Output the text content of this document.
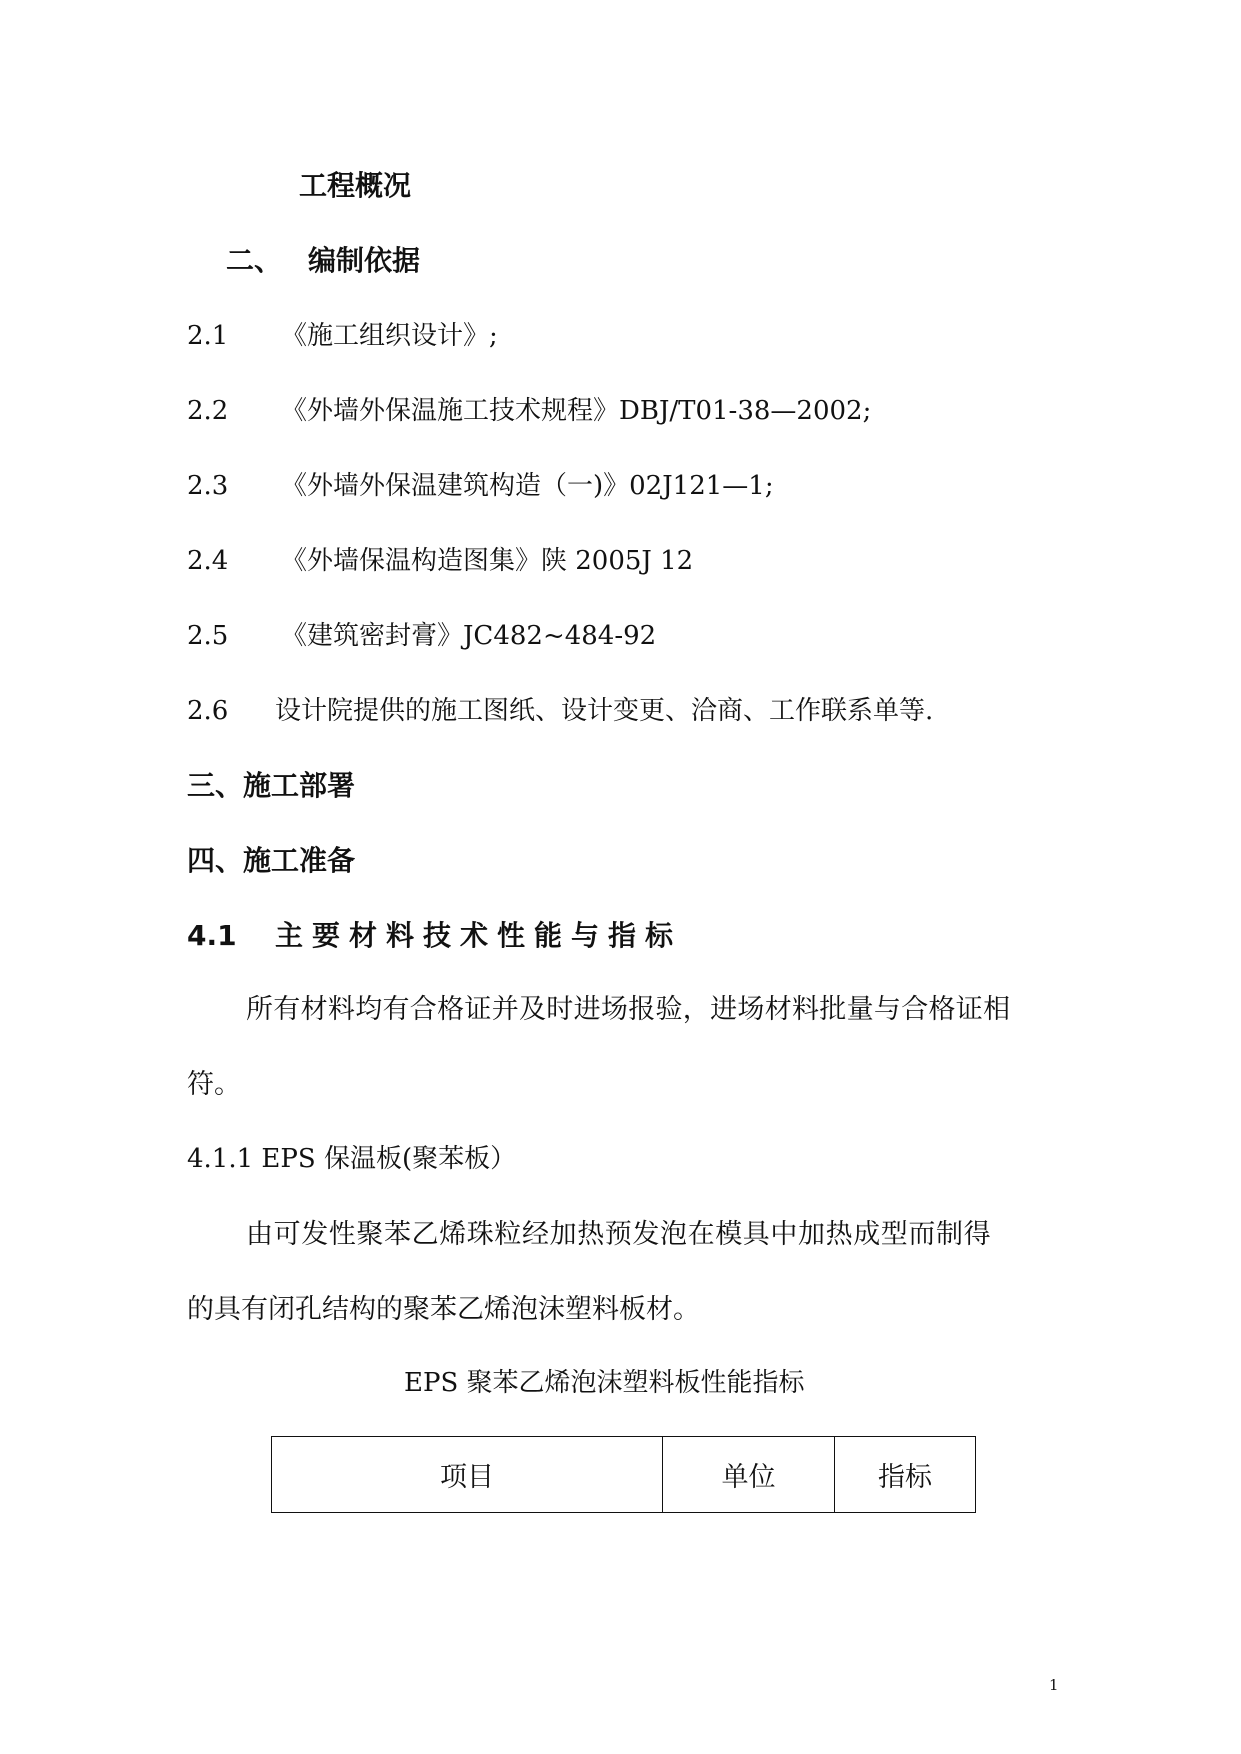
工程概况
二、 编制依据
2.1 《施工组织设计》;
2.2 《外墙外保温施工技术规程》DBJ/T01-38—2002;
2.3 《外墙外保温建筑构造（一)》02J121—1;
2.4 《外墙保温构造图集》陕 2005J 12
2.5 《建筑密封膏》JC482~484-92
2.6 设计院提供的施工图纸、设计变更、洽商、工作联系单等.
三、施工部署
四、施工准备
4.1 主要材料技术性能与指标
所有材料均有合格证并及时进场报验，进场材料批量与合格证相
符。
4.1.1 EPS 保温板(聚苯板）
由可发性聚苯乙烯珠粒经加热预发泡在模具中加热成型而制得
的具有闭孔结构的聚苯乙烯泡沫塑料板材。
EPS 聚苯乙烯泡沫塑料板性能指标
项目	单位	指标
1
